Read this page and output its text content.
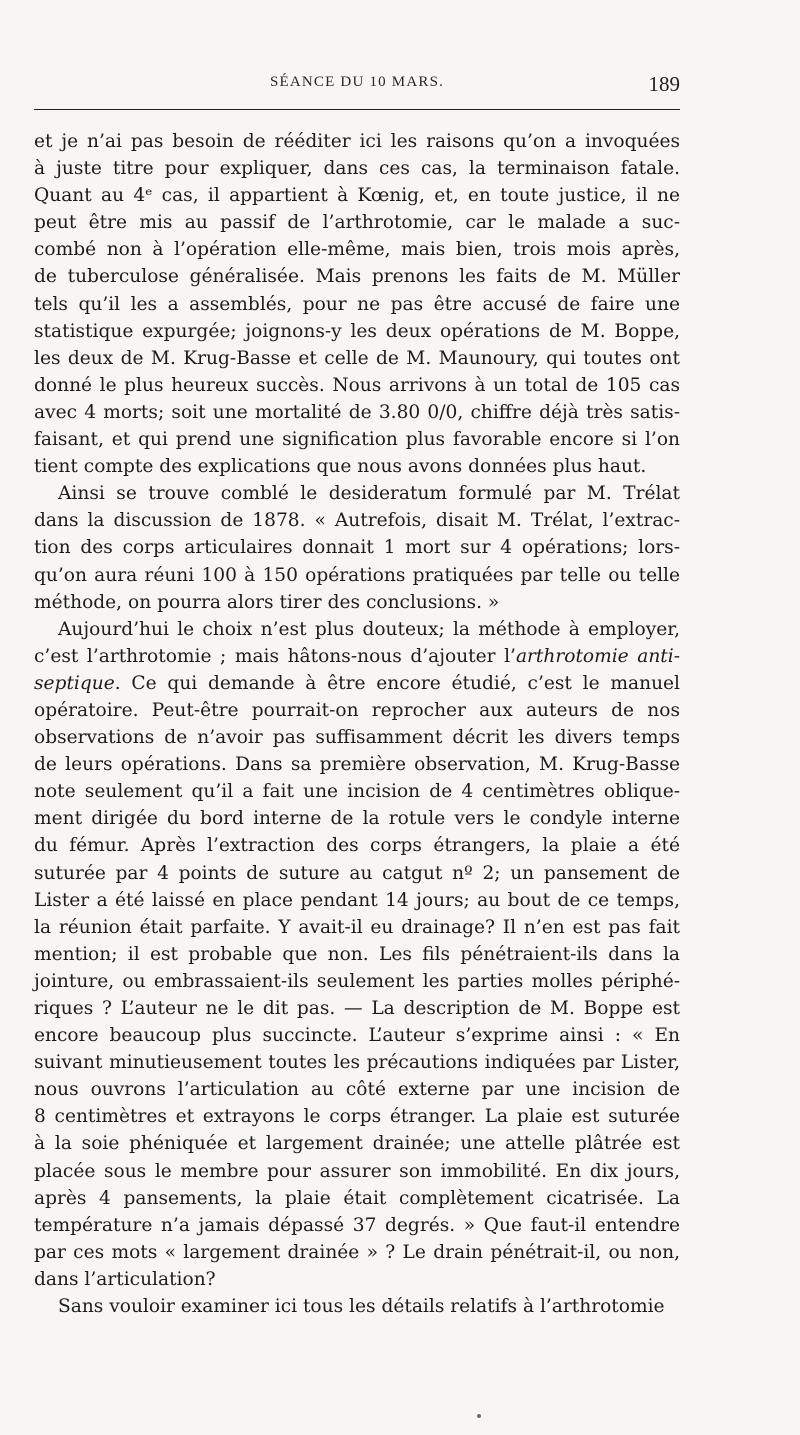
SÉANCE DU 10 MARS.	189
et je n’ai pas besoin de rééditer ici les raisons qu’on a invoquées
à juste titre pour expliquer, dans ces cas, la terminaison fatale.
Quant au 4ᵉ cas, il appartient à Kœnig, et, en toute justice, il ne
peut être mis au passif de l’arthrotomie, car le malade a suc-
combé non à l’opération elle-même, mais bien, trois mois après,
de tuberculose généralisée. Mais prenons les faits de M. Müller
tels qu’il les a assemblés, pour ne pas être accusé de faire une
statistique expurgée; joignons-y les deux opérations de M. Boppe,
les deux de M. Krug-Basse et celle de M. Maunoury, qui toutes ont
donné le plus heureux succès. Nous arrivons à un total de 105 cas
avec 4 morts; soit une mortalité de 3.80 0/0, chiffre déjà très satis-
faisant, et qui prend une signification plus favorable encore si l’on
tient compte des explications que nous avons données plus haut.
Ainsi se trouve comblé le desideratum formulé par M. Trélat
dans la discussion de 1878. « Autrefois, disait M. Trélat, l’extrac-
tion des corps articulaires donnait 1 mort sur 4 opérations; lors-
qu’on aura réuni 100 à 150 opérations pratiquées par telle ou telle
méthode, on pourra alors tirer des conclusions. »
Aujourd’hui le choix n’est plus douteux; la méthode à employer,
c’est l’arthrotomie ; mais hâtons-nous d’ajouter l’arthrotomie anti-
septique. Ce qui demande à être encore étudié, c’est le manuel
opératoire. Peut-être pourrait-on reprocher aux auteurs de nos
observations de n’avoir pas suffisamment décrit les divers temps
de leurs opérations. Dans sa première observation, M. Krug-Basse
note seulement qu’il a fait une incision de 4 centimètres oblique-
ment dirigée du bord interne de la rotule vers le condyle interne
du fémur. Après l’extraction des corps étrangers, la plaie a été
suturée par 4 points de suture au catgut nº 2; un pansement de
Lister a été laissé en place pendant 14 jours; au bout de ce temps,
la réunion était parfaite. Y avait-il eu drainage? Il n’en est pas fait
mention; il est probable que non. Les fils pénétraient-ils dans la
jointure, ou embrassaient-ils seulement les parties molles périphé-
riques ? L’auteur ne le dit pas. — La description de M. Boppe est
encore beaucoup plus succincte. L’auteur s’exprime ainsi : « En
suivant minutieusement toutes les précautions indiquées par Lister,
nous ouvrons l’articulation au côté externe par une incision de
8 centimètres et extrayons le corps étranger. La plaie est suturée
à la soie phéniquée et largement drainée; une attelle plâtrée est
placée sous le membre pour assurer son immobilité. En dix jours,
après 4 pansements, la plaie était complètement cicatrisée. La
température n’a jamais dépassé 37 degrés. » Que faut-il entendre
par ces mots « largement drainée » ? Le drain pénétrait-il, ou non,
dans l’articulation?
Sans vouloir examiner ici tous les détails relatifs à l’arthrotomie
